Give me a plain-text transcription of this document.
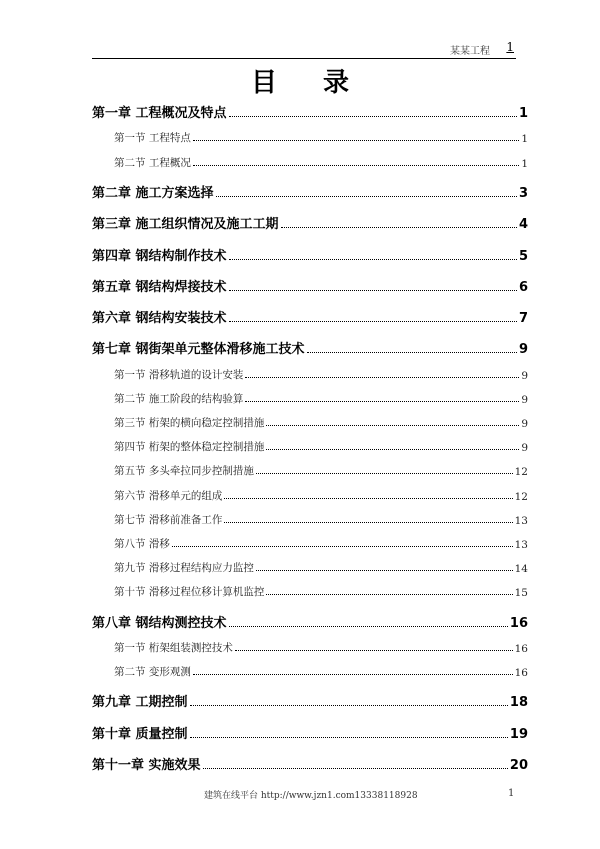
某某工程 1
目录
第一章 工程概况及特点	1
第一节 工程特点	1
第二节 工程概况	1
第二章 施工方案选择	3
第三章 施工组织情况及施工工期	4
第四章 钢结构制作技术	5
第五章 钢结构焊接技术	6
第六章 钢结构安装技术	7
第七章 钢街架单元整体滑移施工技术	9
第一节 滑移轨道的设计安装	9
第二节 施工阶段的结构验算	9
第三节 桁架的横向稳定控制措施	9
第四节 桁架的整体稳定控制措施	9
第五节 多头牵拉同步控制措施	12
第六节 滑移单元的组成	12
第七节 滑移前准备工作	13
第八节 滑移	13
第九节 滑移过程结构应力监控	14
第十节 滑移过程位移计算机监控	15
第八章 钢结构测控技术	16
第一节 桁架组装测控技术	16
第二节 变形观测	16
第九章 工期控制	18
第十章 质量控制	19
第十一章 实施效果	20
建筑在线平台 http://www.jzn1.com13338118928	1
